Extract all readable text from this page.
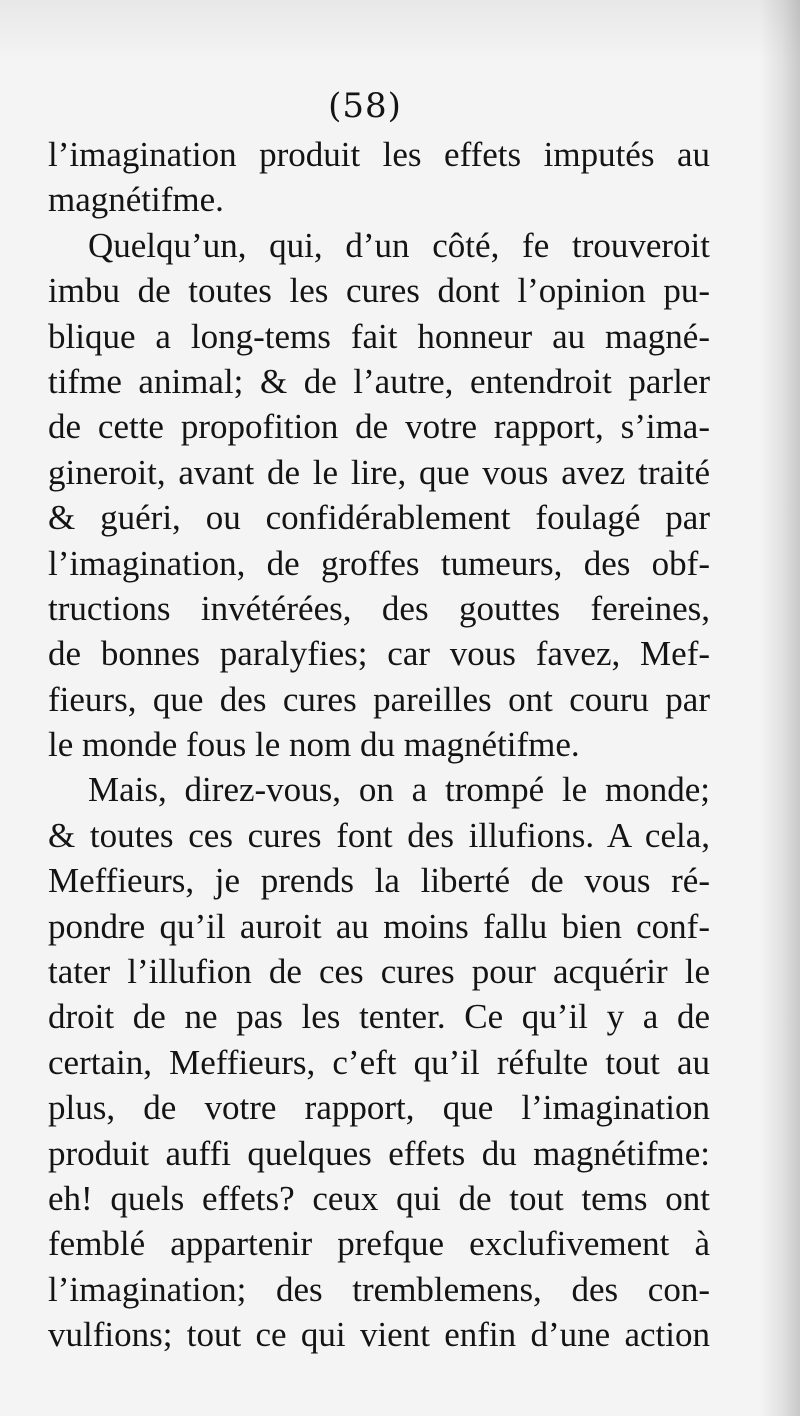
(58)
l’imagination produit les effets imputés au
magnétifme.
Quelqu’un, qui, d’un côté, fe trouveroit
imbu de toutes les cures dont l’opinion pu-
blique a long-tems fait honneur au magné-
tifme animal; & de l’autre, entendroit parler
de cette propofition de votre rapport, s’ima-
gineroit, avant de le lire, que vous avez traité
& guéri, ou confidérablement foulagé par
l’imagination, de groffes tumeurs, des obf-
tructions invétérées, des gouttes fereines,
de bonnes paralyfies; car vous favez, Mef-
fieurs, que des cures pareilles ont couru par
le monde fous le nom du magnétifme.
Mais, direz-vous, on a trompé le monde;
& toutes ces cures font des illufions. A cela,
Meffieurs, je prends la liberté de vous ré-
pondre qu’il auroit au moins fallu bien conf-
tater l’illufion de ces cures pour acquérir le
droit de ne pas les tenter. Ce qu’il y a de
certain, Meffieurs, c’eft qu’il réfulte tout au
plus, de votre rapport, que l’imagination
produit auffi quelques effets du magnétifme:
eh! quels effets? ceux qui de tout tems ont
femblé appartenir prefque exclufivement à
l’imagination; des tremblemens, des con-
vulfions; tout ce qui vient enfin d’une action
